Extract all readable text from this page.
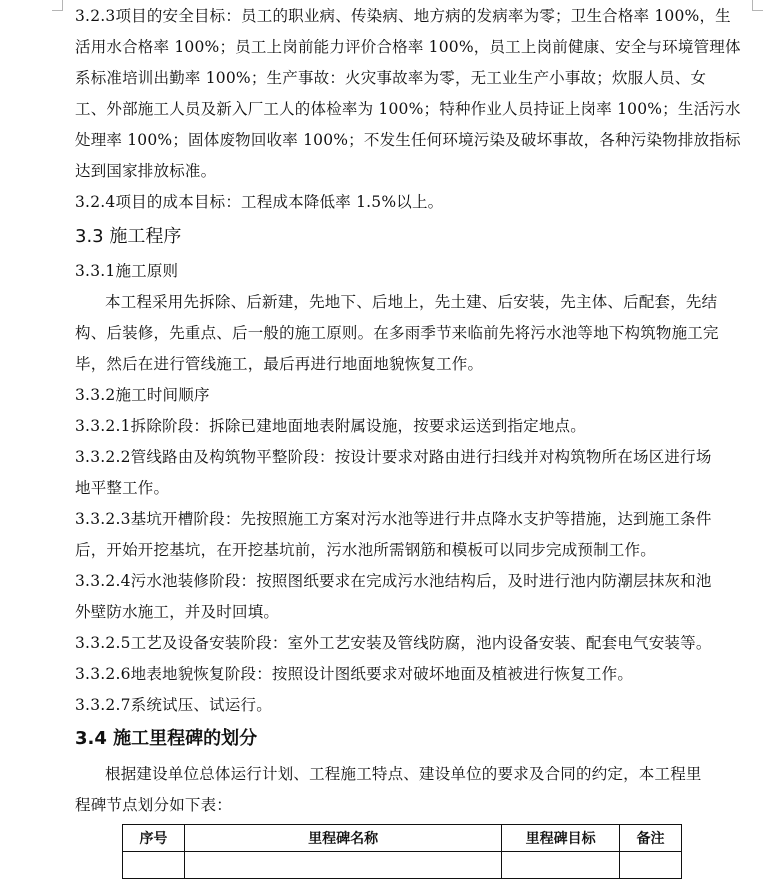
3.2.3项目的安全目标：员工的职业病、传染病、地方病的发病率为零；卫生合格率 100%，生
活用水合格率 100%；员工上岗前能力评价合格率 100%，员工上岗前健康、安全与环境管理体
系标准培训出勤率 100%；生产事故：火灾事故率为零，无工业生产小事故；炊服人员、女
工、外部施工人员及新入厂工人的体检率为 100%；特种作业人员持证上岗率 100%；生活污水
处理率 100%；固体废物回收率 100%；不发生任何环境污染及破坏事故，各种污染物排放指标
达到国家排放标准。
3.2.4项目的成本目标：工程成本降低率 1.5%以上。
3.3 施工程序
3.3.1施工原则
本工程采用先拆除、后新建，先地下、后地上，先土建、后安装，先主体、后配套，先结
构、后装修，先重点、后一般的施工原则。在多雨季节来临前先将污水池等地下构筑物施工完
毕，然后在进行管线施工，最后再进行地面地貌恢复工作。
3.3.2施工时间顺序
3.3.2.1拆除阶段：拆除已建地面地表附属设施，按要求运送到指定地点。
3.3.2.2管线路由及构筑物平整阶段：按设计要求对路由进行扫线并对构筑物所在场区进行场
地平整工作。
3.3.2.3基坑开槽阶段：先按照施工方案对污水池等进行井点降水支护等措施，达到施工条件
后，开始开挖基坑，在开挖基坑前，污水池所需钢筋和模板可以同步完成预制工作。
3.3.2.4污水池装修阶段：按照图纸要求在完成污水池结构后，及时进行池内防潮层抹灰和池
外壁防水施工，并及时回填。
3.3.2.5工艺及设备安装阶段：室外工艺安装及管线防腐，池内设备安装、配套电气安装等。
3.3.2.6地表地貌恢复阶段：按照设计图纸要求对破坏地面及植被进行恢复工作。
3.3.2.7系统试压、试运行。
3.4 施工里程碑的划分
根据建设单位总体运行计划、工程施工特点、建设单位的要求及合同的约定，本工程里
程碑节点划分如下表：
序号	里程碑名称	里程碑目标	备注
